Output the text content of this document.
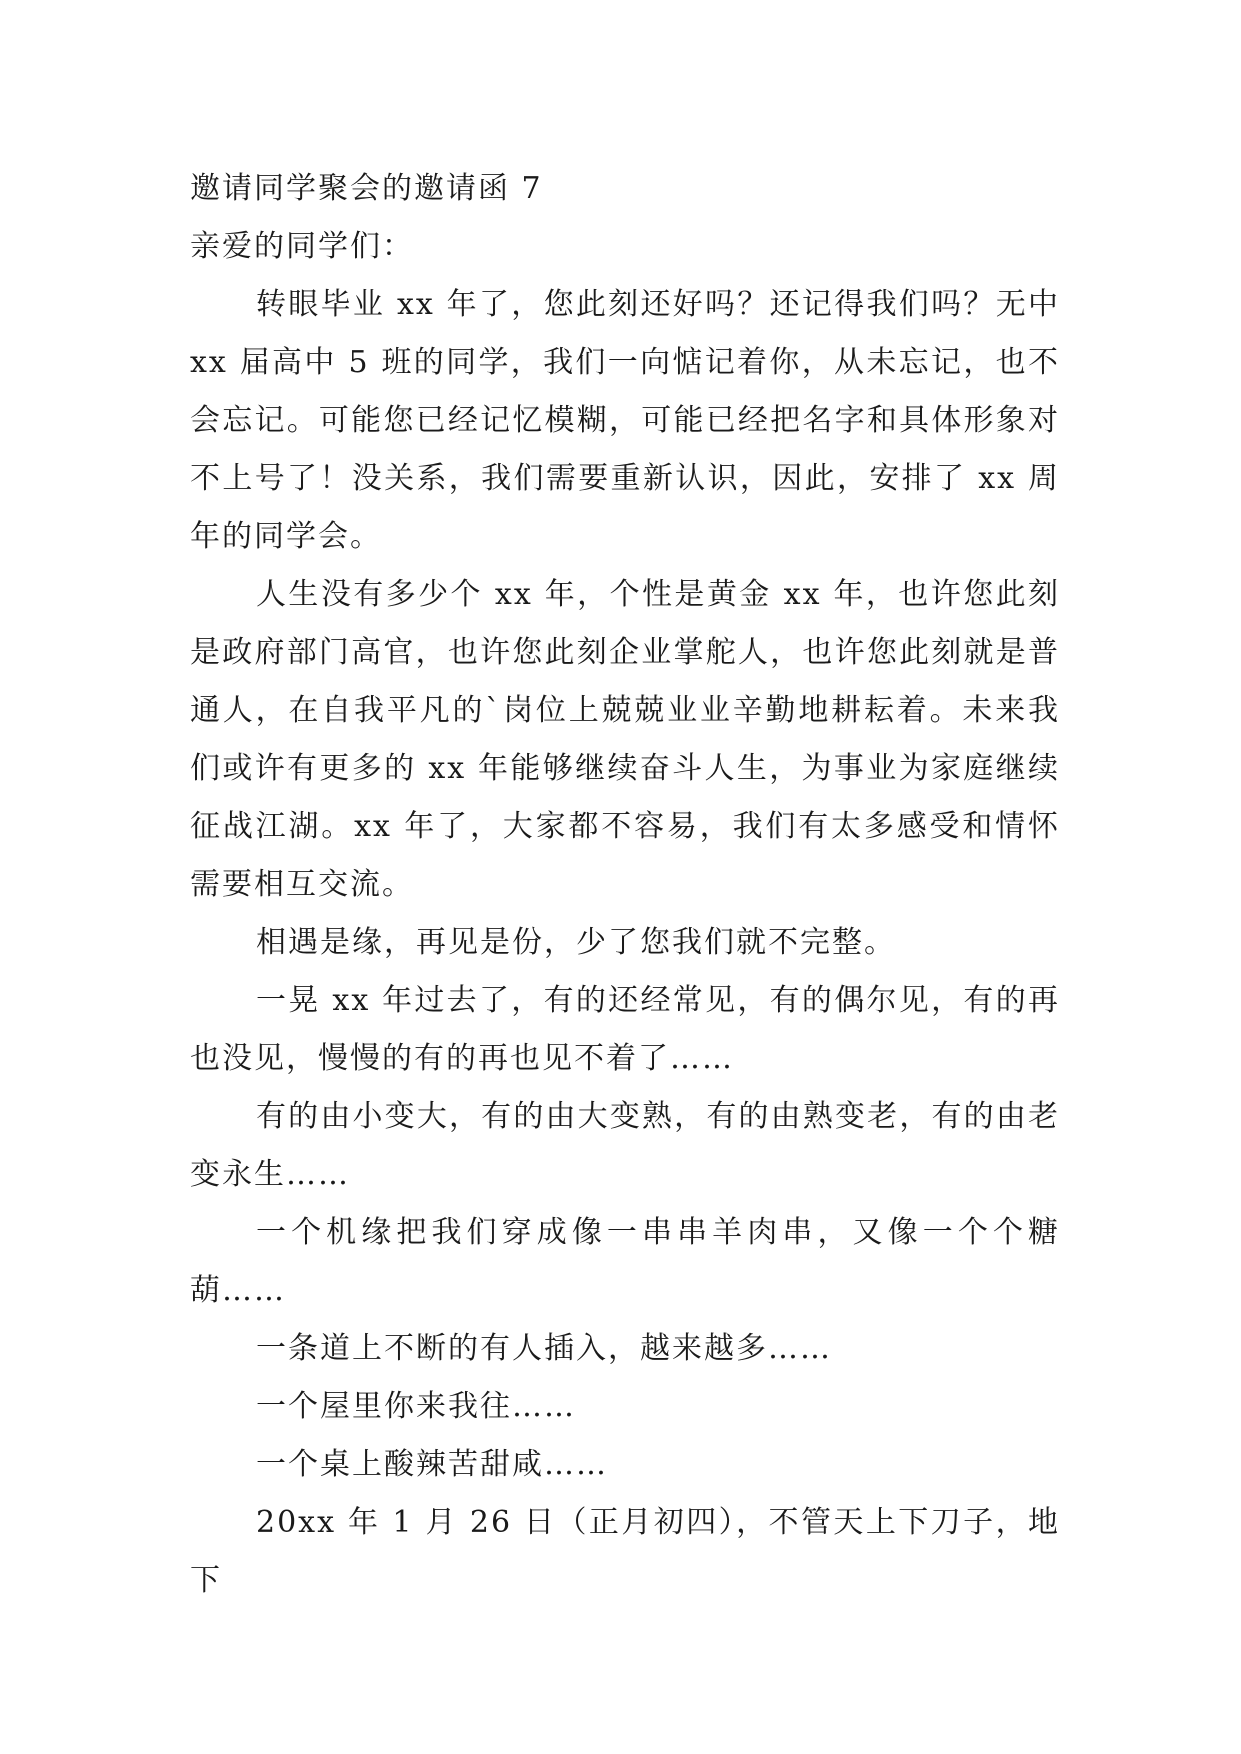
邀请同学聚会的邀请函 7

亲爱的同学们：

转眼毕业 xx 年了，您此刻还好吗？还记得我们吗？无中 xx 届高中 5 班的同学，我们一向惦记着你，从未忘记，也不会忘记。可能您已经记忆模糊，可能已经把名字和具体形象对不上号了！没关系，我们需要重新认识，因此，安排了 xx 周年的同学会。

人生没有多少个 xx 年，个性是黄金 xx 年，也许您此刻是政府部门高官，也许您此刻企业掌舵人，也许您此刻就是普通人，在自我平凡的`岗位上兢兢业业辛勤地耕耘着。未来我们或许有更多的 xx 年能够继续奋斗人生，为事业为家庭继续征战江湖。xx 年了，大家都不容易，我们有太多感受和情怀需要相互交流。

相遇是缘，再见是份，少了您我们就不完整。

一晃 xx 年过去了，有的还经常见，有的偶尔见，有的再也没见，慢慢的有的再也见不着了……

有的由小变大，有的由大变熟，有的由熟变老，有的由老变永生……

一个机缘把我们穿成像一串串羊肉串，又像一个个糖葫……

一条道上不断的有人插入，越来越多……

一个屋里你来我往……

一个桌上酸辣苦甜咸……

20xx 年 1 月 26 日（正月初四），不管天上下刀子，地下
